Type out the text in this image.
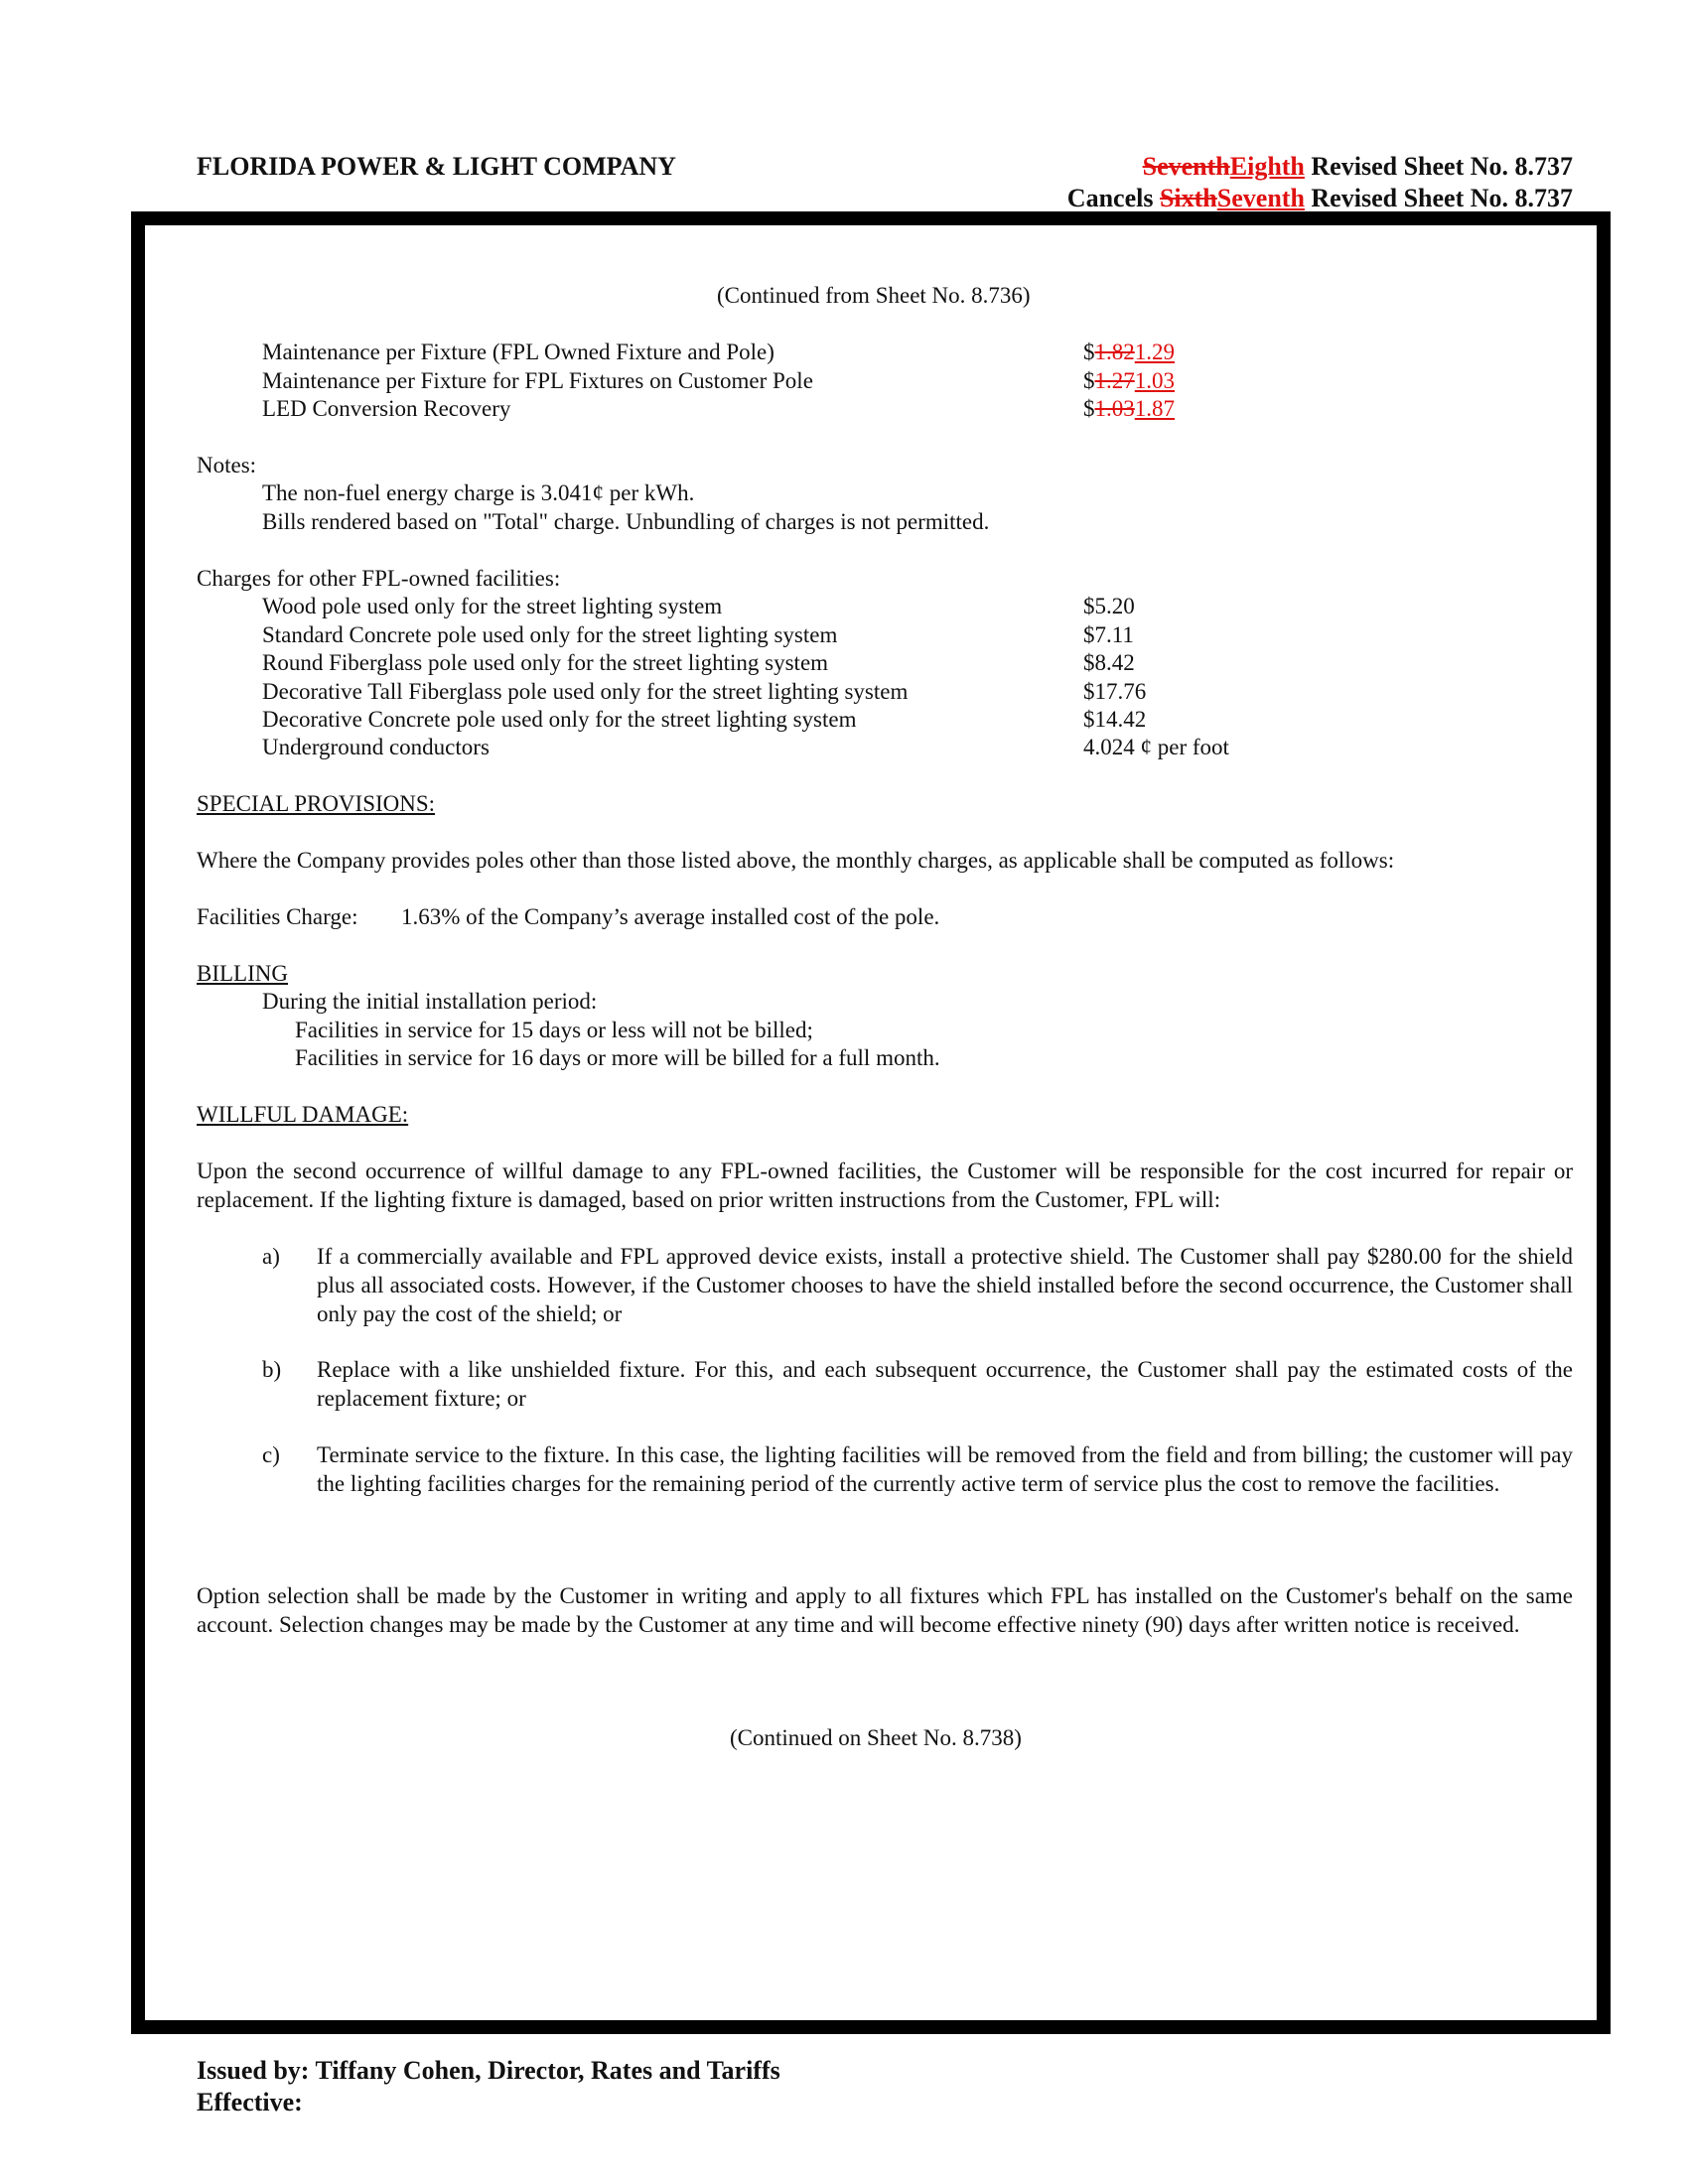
FLORIDA POWER & LIGHT COMPANY	SeventhEighth Revised Sheet No. 8.737
Cancels SixthSeventh Revised Sheet No. 8.737
(Continued from Sheet No. 8.736)
Maintenance per Fixture (FPL Owned Fixture and Pole)	$1.821.29
Maintenance per Fixture for FPL Fixtures on Customer Pole	$1.271.03
LED Conversion Recovery	$1.031.87
Notes:
The non-fuel energy charge is 3.041¢ per kWh.
Bills rendered based on "Total" charge. Unbundling of charges is not permitted.
Charges for other FPL-owned facilities:
Wood pole used only for the street lighting system	$5.20
Standard Concrete pole used only for the street lighting system	$7.11
Round Fiberglass pole used only for the street lighting system	$8.42
Decorative Tall Fiberglass pole used only for the street lighting system	$17.76
Decorative Concrete pole used only for the street lighting system	$14.42
Underground conductors	4.024 ¢ per foot
SPECIAL PROVISIONS:
Where the Company provides poles other than those listed above, the monthly charges, as applicable shall be computed as follows:
Facilities Charge: 1.63% of the Company’s average installed cost of the pole.
BILLING
During the initial installation period:
Facilities in service for 15 days or less will not be billed;
Facilities in service for 16 days or more will be billed for a full month.
WILLFUL DAMAGE:
Upon the second occurrence of willful damage to any FPL-owned facilities, the Customer will be responsible for the cost incurred for repair or replacement. If the lighting fixture is damaged, based on prior written instructions from the Customer, FPL will:
a) If a commercially available and FPL approved device exists, install a protective shield. The Customer shall pay $280.00 for the shield plus all associated costs. However, if the Customer chooses to have the shield installed before the second occurrence, the Customer shall only pay the cost of the shield; or
b) Replace with a like unshielded fixture. For this, and each subsequent occurrence, the Customer shall pay the estimated costs of the replacement fixture; or
c) Terminate service to the fixture. In this case, the lighting facilities will be removed from the field and from billing; the customer will pay the lighting facilities charges for the remaining period of the currently active term of service plus the cost to remove the facilities.
Option selection shall be made by the Customer in writing and apply to all fixtures which FPL has installed on the Customer's behalf on the same account. Selection changes may be made by the Customer at any time and will become effective ninety (90) days after written notice is received.
(Continued on Sheet No. 8.738)
Issued by: Tiffany Cohen, Director, Rates and Tariffs
Effective:
